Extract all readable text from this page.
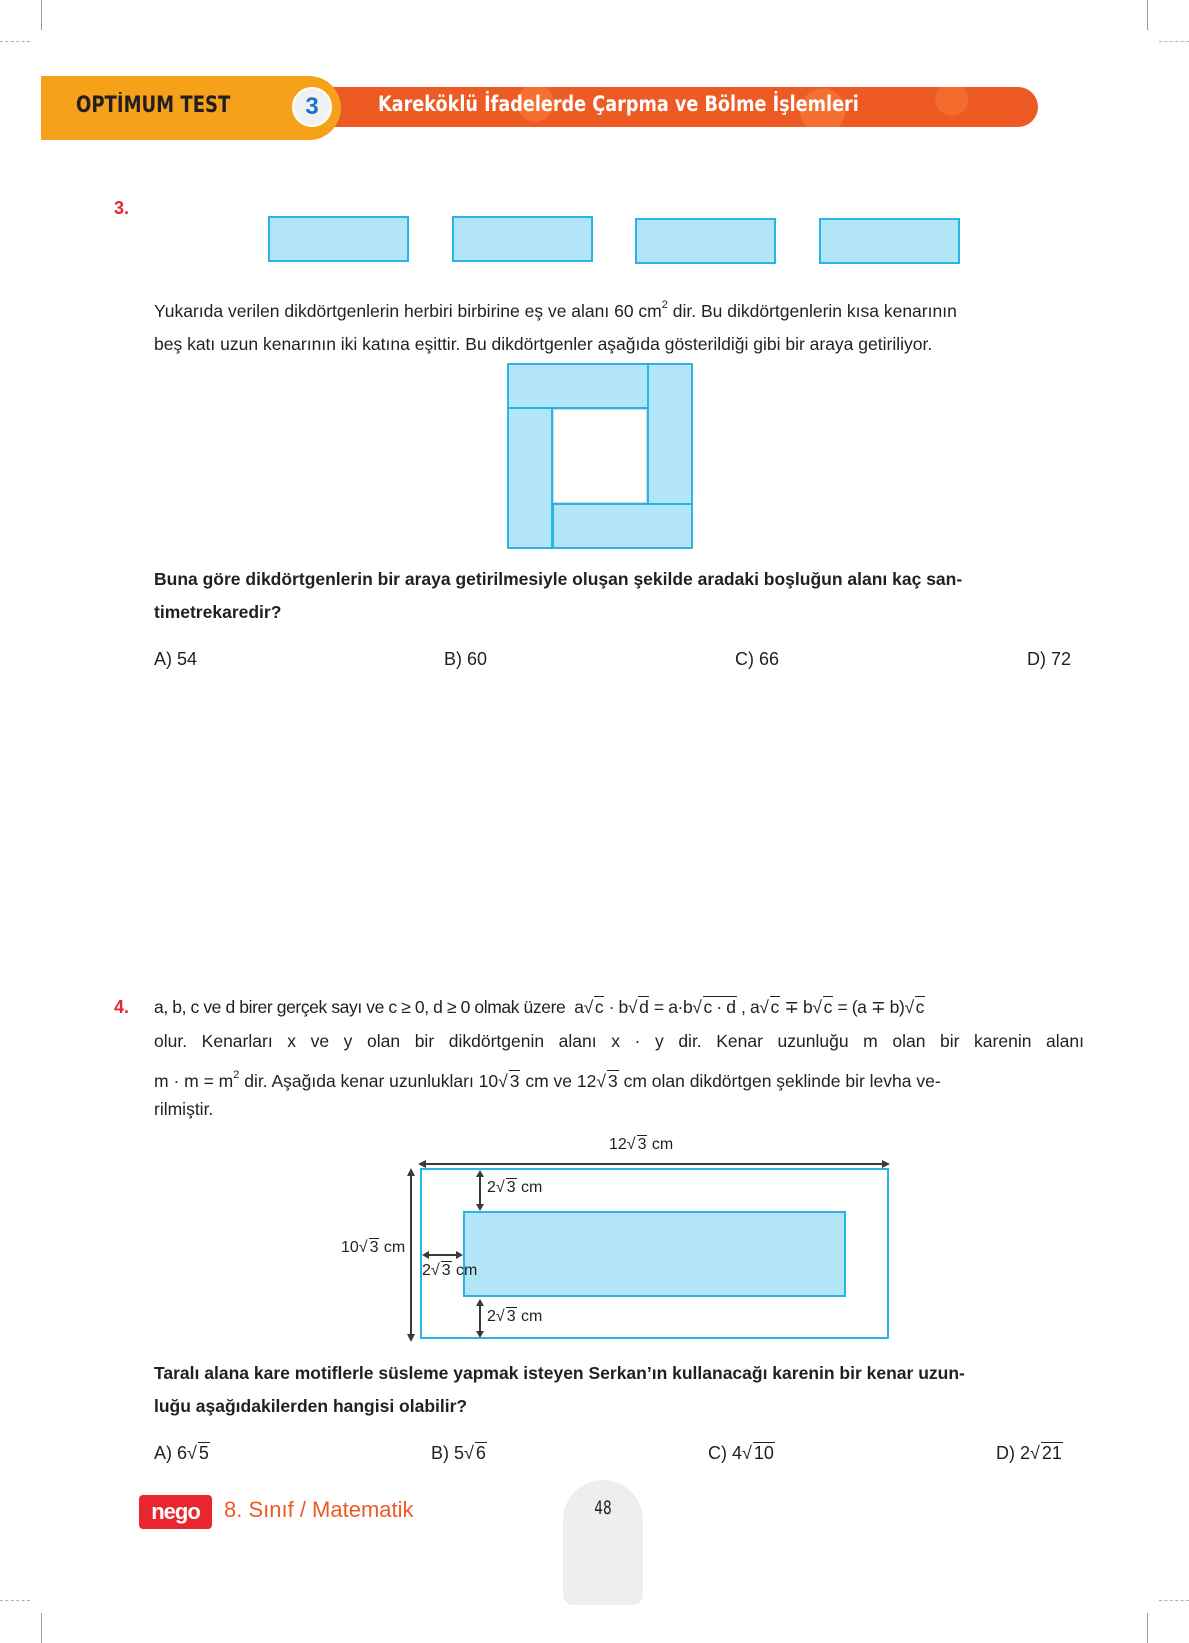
OPTİMUM TEST	3	Kareköklü İfadelerde Çarpma ve Bölme İşlemleri
3.
Yukarıda verilen dikdörtgenlerin herbiri birbirine eş ve alanı 60 $cm^2$ dir. Bu dikdörtgenlerin kısa kenarının
beş katı uzun kenarının iki katına eşittir. Bu dikdörtgenler aşağıda gösterildiği gibi bir araya getiriliyor.
Buna göre dikdörtgenlerin bir araya getirilmesiyle oluşan şekilde aradaki boşluğun alanı kaç san-
timetrekaredir?
A) 54	B) 60	C) 66	D) 72
4. a, b, c ve d birer gerçek sayı ve c ≥ 0, d ≥ 0 olmak üzere a√ c · b√ d = a·b√ c · d , a√ c ∓ b√ c = (a ∓ b)√ c
olur. Kenarları x ve y olan bir dikdörtgenin alanı x · y dir. Kenar uzunluğu m olan bir karenin alanı
$m \cdot m = m^2$ dir. Aşağıda kenar uzunlukları 10√ 3 cm ve 12√ 3 cm olan dikdörtgen şeklinde bir levha ve-
rilmiştir.
12√ 3 cm
10√ 3 cm
2√ 3 cm
2√ 3 cm
2√ 3 cm
Taralı alana kare motiflerle süsleme yapmak isteyen Serkan’ın kullanacağı karenin bir kenar uzun-
luğu aşağıdakilerden hangisi olabilir?
A) 6√ 5	B) 5√ 6	C) 4√ 10	D) 2√ 21
nego	8. Sınıf / Matematik	48
